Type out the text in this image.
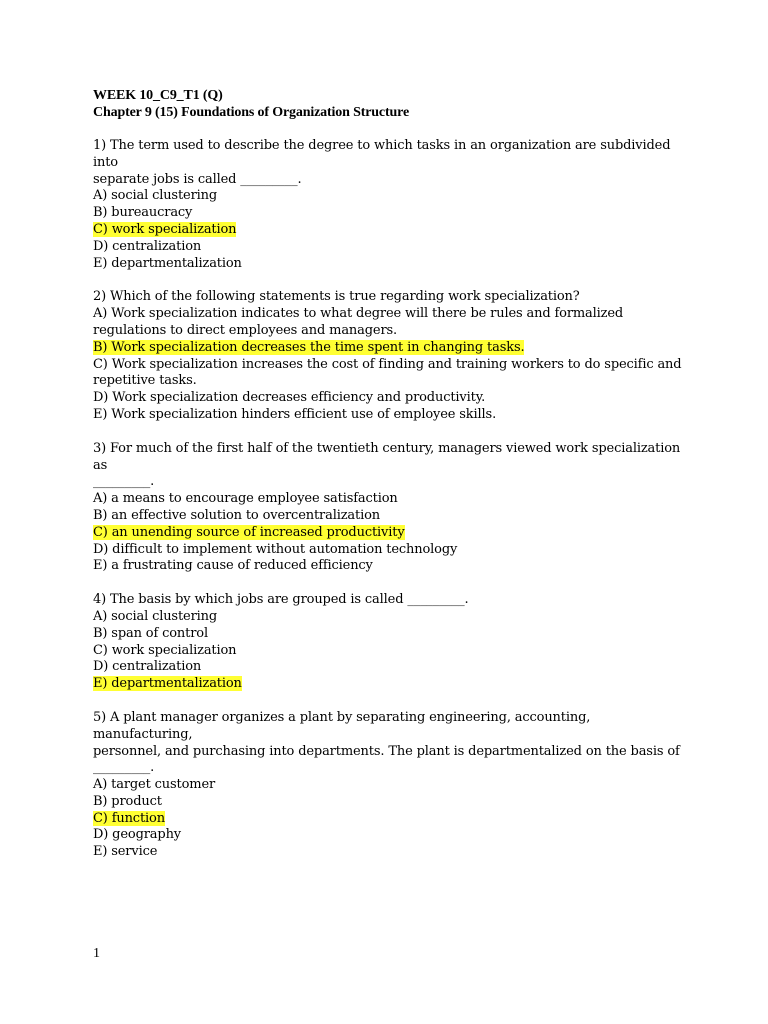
WEEK 10_C9_T1 (Q)
Chapter 9 (15) Foundations of Organization Structure
1) The term used to describe the degree to which tasks in an organization are subdivided into
separate jobs is called _________.
A) social clustering
B) bureaucracy
C) work specialization
D) centralization
E) departmentalization
2) Which of the following statements is true regarding work specialization?
A) Work specialization indicates to what degree will there be rules and formalized
regulations to direct employees and managers.
B) Work specialization decreases the time spent in changing tasks.
C) Work specialization increases the cost of finding and training workers to do specific and
repetitive tasks.
D) Work specialization decreases efficiency and productivity.
E) Work specialization hinders efficient use of employee skills.
3) For much of the first half of the twentieth century, managers viewed work specialization as
_________.
A) a means to encourage employee satisfaction
B) an effective solution to overcentralization
C) an unending source of increased productivity
D) difficult to implement without automation technology
E) a frustrating cause of reduced efficiency
4) The basis by which jobs are grouped is called _________.
A) social clustering
B) span of control
C) work specialization
D) centralization
E) departmentalization
5) A plant manager organizes a plant by separating engineering, accounting, manufacturing,
personnel, and purchasing into departments. The plant is departmentalized on the basis of
_________.
A) target customer
B) product
C) function
D) geography
E) service
1
